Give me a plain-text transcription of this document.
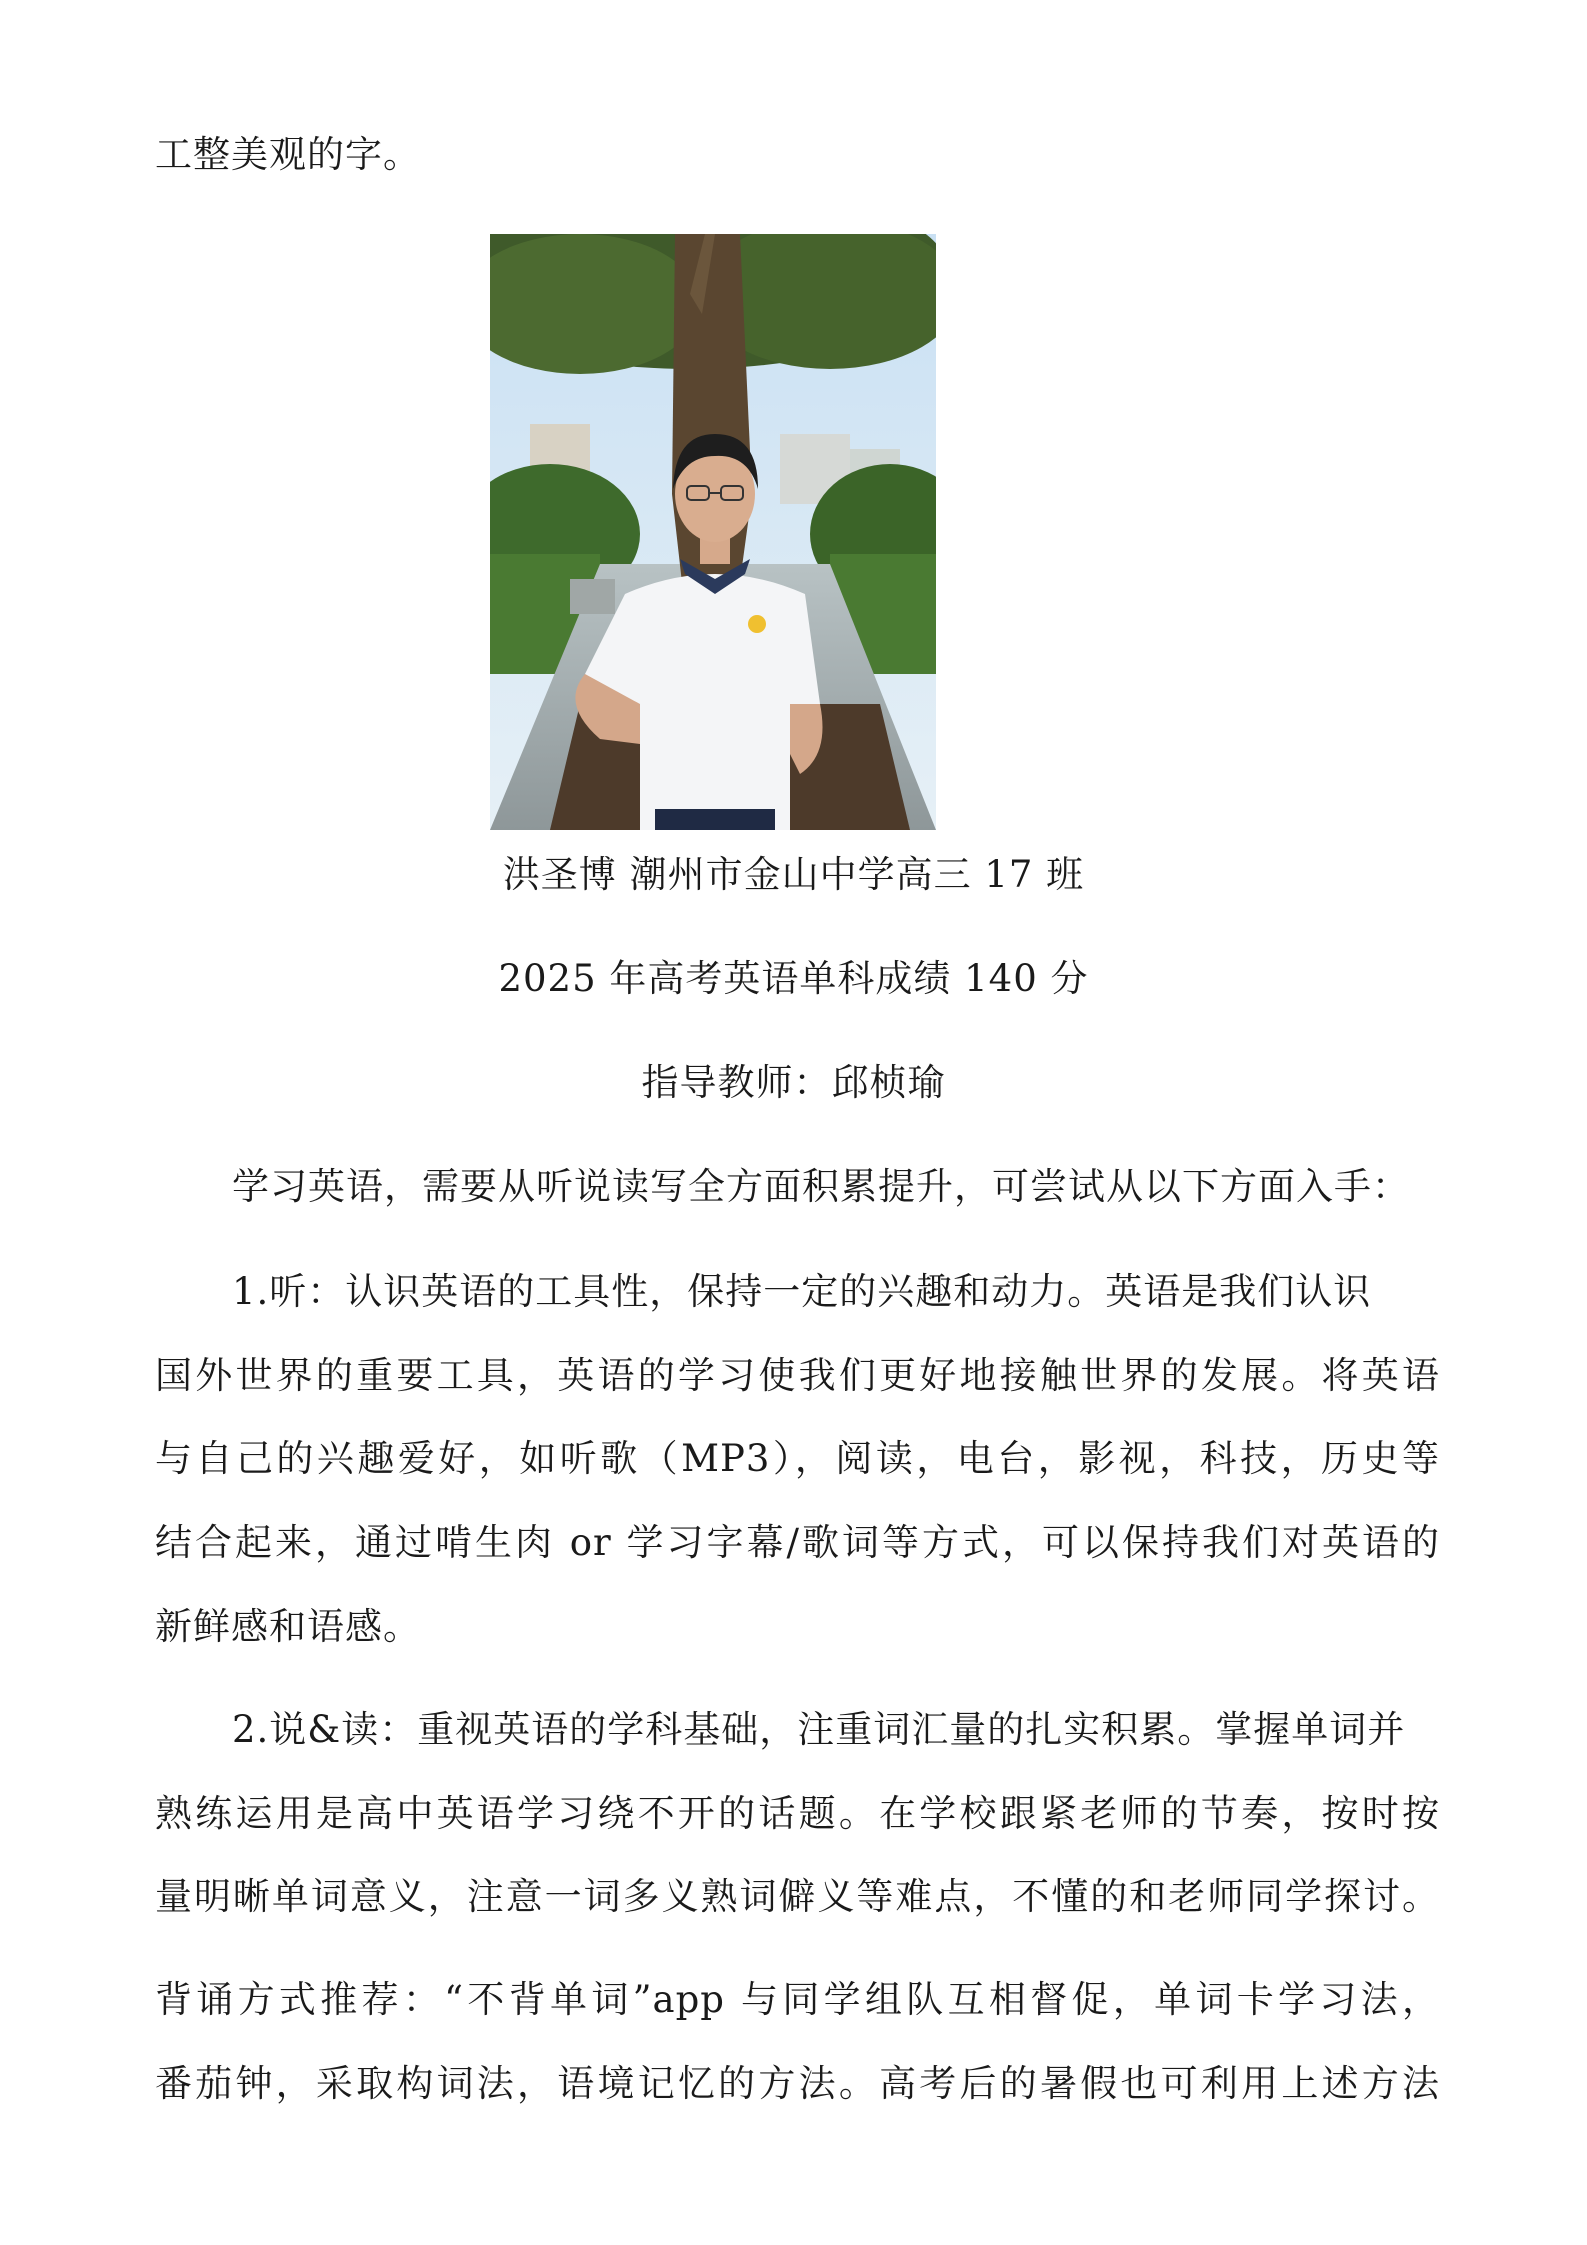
工整美观的字。
洪圣博 潮州市金山中学高三 17 班
2025 年高考英语单科成绩 140 分
指导教师：邱桢瑜
学习英语，需要从听说读写全方面积累提升，可尝试从以下方面入手：
1.听：认识英语的工具性，保持一定的兴趣和动力。英语是我们认识
国外世界的重要工具，英语的学习使我们更好地接触世界的发展。将英语
与自己的兴趣爱好，如听歌（MP3），阅读，电台，影视，科技，历史等
结合起来，通过啃生肉 or 学习字幕/歌词等方式，可以保持我们对英语的
新鲜感和语感。
2.说&读：重视英语的学科基础，注重词汇量的扎实积累。掌握单词并
熟练运用是高中英语学习绕不开的话题。在学校跟紧老师的节奏，按时按
量明晰单词意义，注意一词多义熟词僻义等难点，不懂的和老师同学探讨。
背诵方式推荐：“不背单词”app 与同学组队互相督促，单词卡学习法，
番茄钟，采取构词法，语境记忆的方法。高考后的暑假也可利用上述方法
